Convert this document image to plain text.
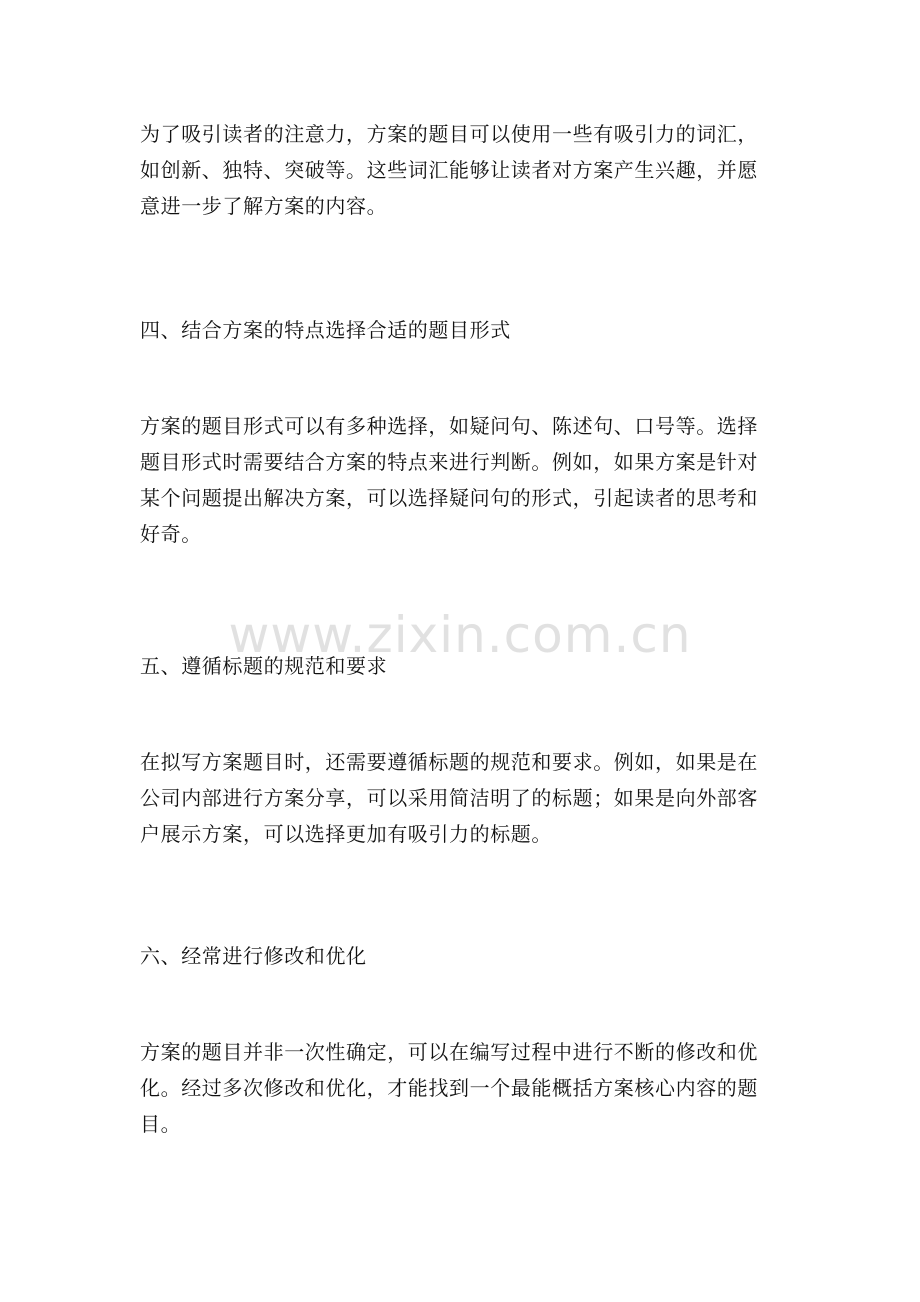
为了吸引读者的注意力，方案的题目可以使用一些有吸引力的词汇，

如创新、独特、突破等。这些词汇能够让读者对方案产生兴趣，并愿

意进一步了解方案的内容。

四、结合方案的特点选择合适的题目形式

方案的题目形式可以有多种选择，如疑问句、陈述句、口号等。选择

题目形式时需要结合方案的特点来进行判断。例如，如果方案是针对

某个问题提出解决方案，可以选择疑问句的形式，引起读者的思考和

好奇。

五、遵循标题的规范和要求

在拟写方案题目时，还需要遵循标题的规范和要求。例如，如果是在

公司内部进行方案分享，可以采用简洁明了的标题；如果是向外部客

户展示方案，可以选择更加有吸引力的标题。

六、经常进行修改和优化

方案的题目并非一次性确定，可以在编写过程中进行不断的修改和优

化。经过多次修改和优化，才能找到一个最能概括方案核心内容的题

目。

www.zixin.com.cn
